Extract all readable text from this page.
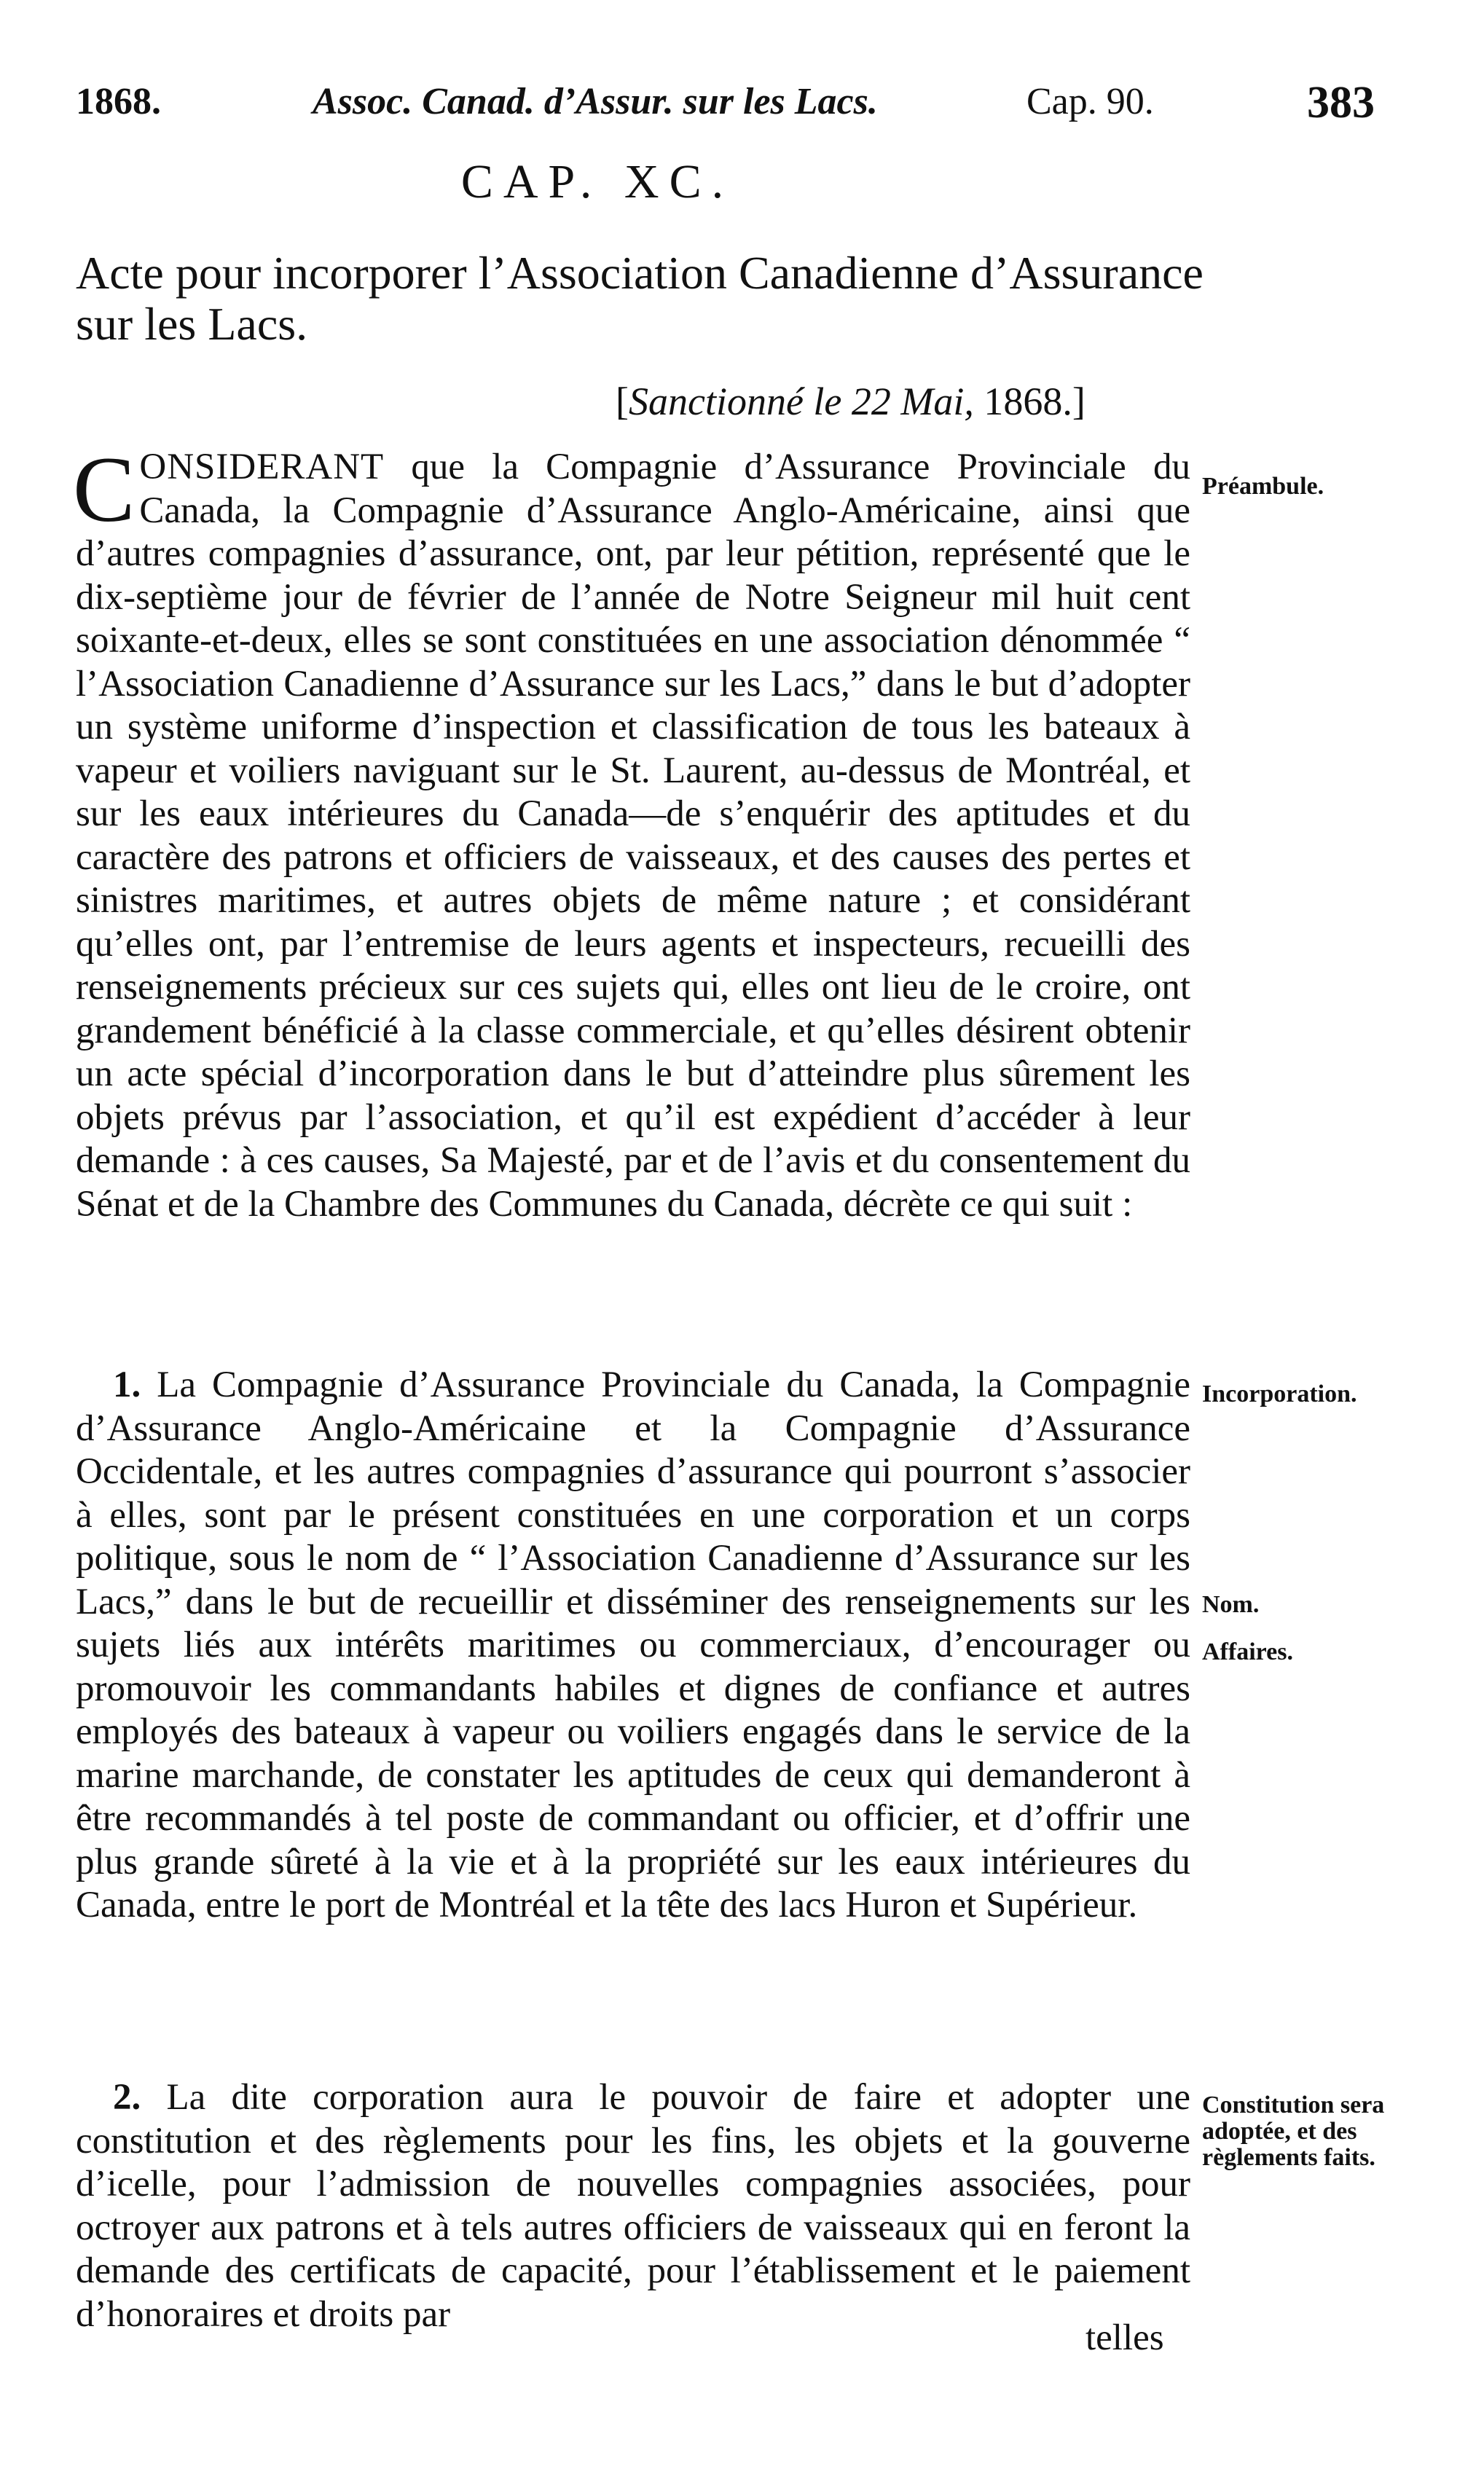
1868.	Assoc. Canad. d’Assur. sur les Lacs.	Cap. 90.	383
CAP. XC.
Acte pour incorporer l’Association Canadienne d’Assurance sur les Lacs.
[Sanctionné le 22 Mai, 1868.]

CONSIDERANT que la Compagnie d’Assurance Provinciale du Canada, la Compagnie d’Assurance Anglo-Américaine, ainsi que d’autres compagnies d’assurance, ont, par leur pétition, représenté que le dix-septième jour de février de l’année de Notre Seigneur mil huit cent soixante-et-deux, elles se sont constituées en une association dénommée “ l’Association Canadienne d’Assurance sur les Lacs,” dans le but d’adopter un système uniforme d’inspection et classification de tous les bateaux à vapeur et voiliers naviguant sur le St. Laurent, au-dessus de Montréal, et sur les eaux intérieures du Canada—de s’enquérir des aptitudes et du caractère des patrons et officiers de vaisseaux, et des causes des pertes et sinistres maritimes, et autres objets de même nature ; et considérant qu’elles ont, par l’entremise de leurs agents et inspecteurs, recueilli des renseignements précieux sur ces sujets qui, elles ont lieu de le croire, ont grandement bénéficié à la classe commerciale, et qu’elles désirent obtenir un acte spécial d’incorporation dans le but d’atteindre plus sûrement les objets prévus par l’association, et qu’il est expédient d’accéder à leur demande : à ces causes, Sa Majesté, par et de l’avis et du consentement du Sénat et de la Chambre des Communes du Canada, décrète ce qui suit :

 1. La Compagnie d’Assurance Provinciale du Canada, la Compagnie d’Assurance Anglo-Américaine et la Compagnie d’Assurance Occidentale, et les autres compagnies d’assurance qui pourront s’associer à elles, sont par le présent constituées en une corporation et un corps politique, sous le nom de “ l’Association Canadienne d’Assurance sur les Lacs,” dans le but de recueillir et disséminer des renseignements sur les sujets liés aux intérêts maritimes ou commerciaux, d’encourager ou promouvoir les commandants habiles et dignes de confiance et autres employés des bateaux à vapeur ou voiliers engagés dans le service de la marine marchande, de constater les aptitudes de ceux qui demanderont à être recommandés à tel poste de commandant ou officier, et d’offrir une plus grande sûreté à la vie et à la propriété sur les eaux intérieures du Canada, entre le port de Montréal et la tête des lacs Huron et Supérieur.

 2. La dite corporation aura le pouvoir de faire et adopter une constitution et des règlements pour les fins, les objets et la gouverne d’icelle, pour l’admission de nouvelles compagnies associées, pour octroyer aux patrons et à tels autres officiers de vaisseaux qui en feront la demande des certificats de capacité, pour l’établissement et le paiement d’honoraires et droits par

telles
Préambule.
Incorporation.
Nom.
Affaires.
Constitution sera adoptée, et des règlements faits.
